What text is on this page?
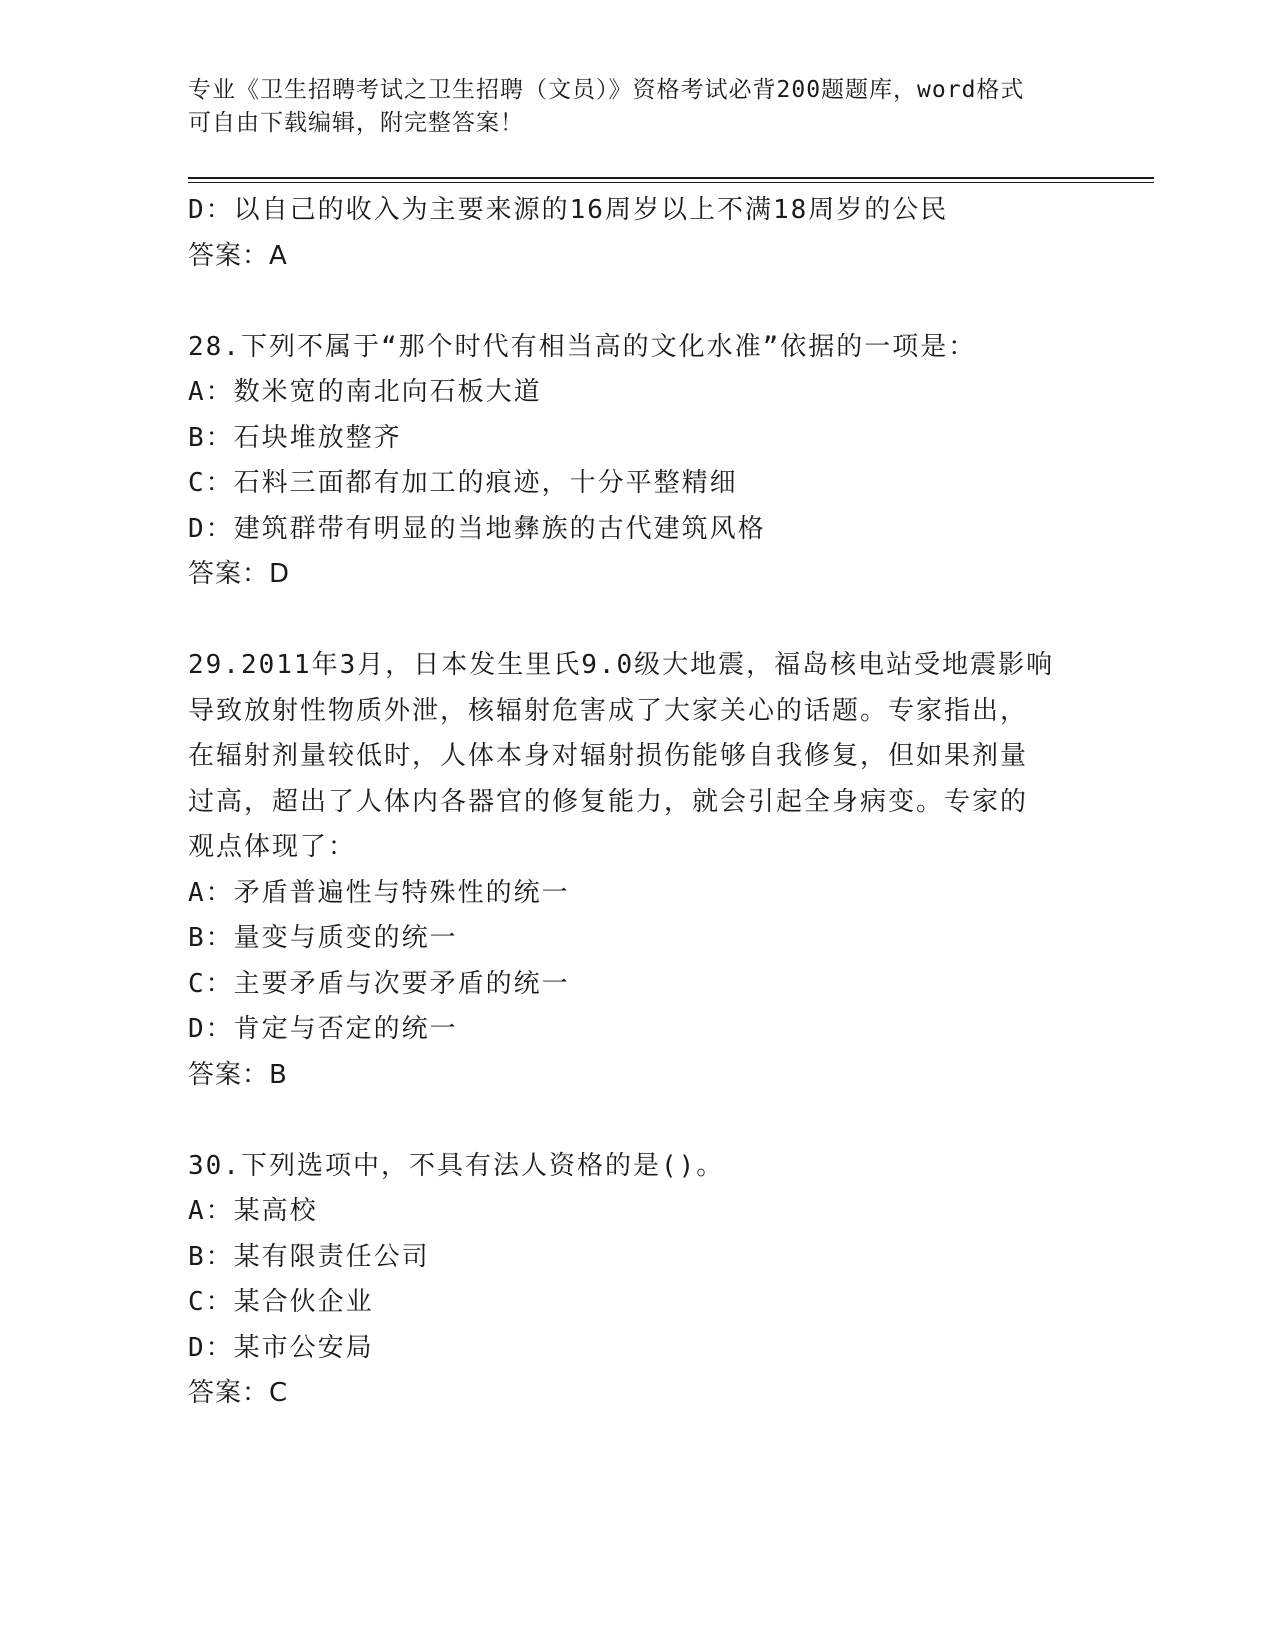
专业《卫生招聘考试之卫生招聘（文员）》资格考试必背200题题库，word格式
可自由下载编辑，附完整答案！
D：以自己的收入为主要来源的16周岁以上不满18周岁的公民
答案：A
28.下列不属于“那个时代有相当高的文化水准”依据的一项是：
A：数米宽的南北向石板大道
B：石块堆放整齐
C：石料三面都有加工的痕迹，十分平整精细
D：建筑群带有明显的当地彝族的古代建筑风格
答案：D
29.2011年3月，日本发生里氏9.0级大地震，福岛核电站受地震影响
导致放射性物质外泄，核辐射危害成了大家关心的话题。专家指出，
在辐射剂量较低时，人体本身对辐射损伤能够自我修复，但如果剂量
过高，超出了人体内各器官的修复能力，就会引起全身病变。专家的
观点体现了：
A：矛盾普遍性与特殊性的统一
B：量变与质变的统一
C：主要矛盾与次要矛盾的统一
D：肯定与否定的统一
答案：B
30.下列选项中，不具有法人资格的是()。
A：某高校
B：某有限责任公司
C：某合伙企业
D：某市公安局
答案：C
